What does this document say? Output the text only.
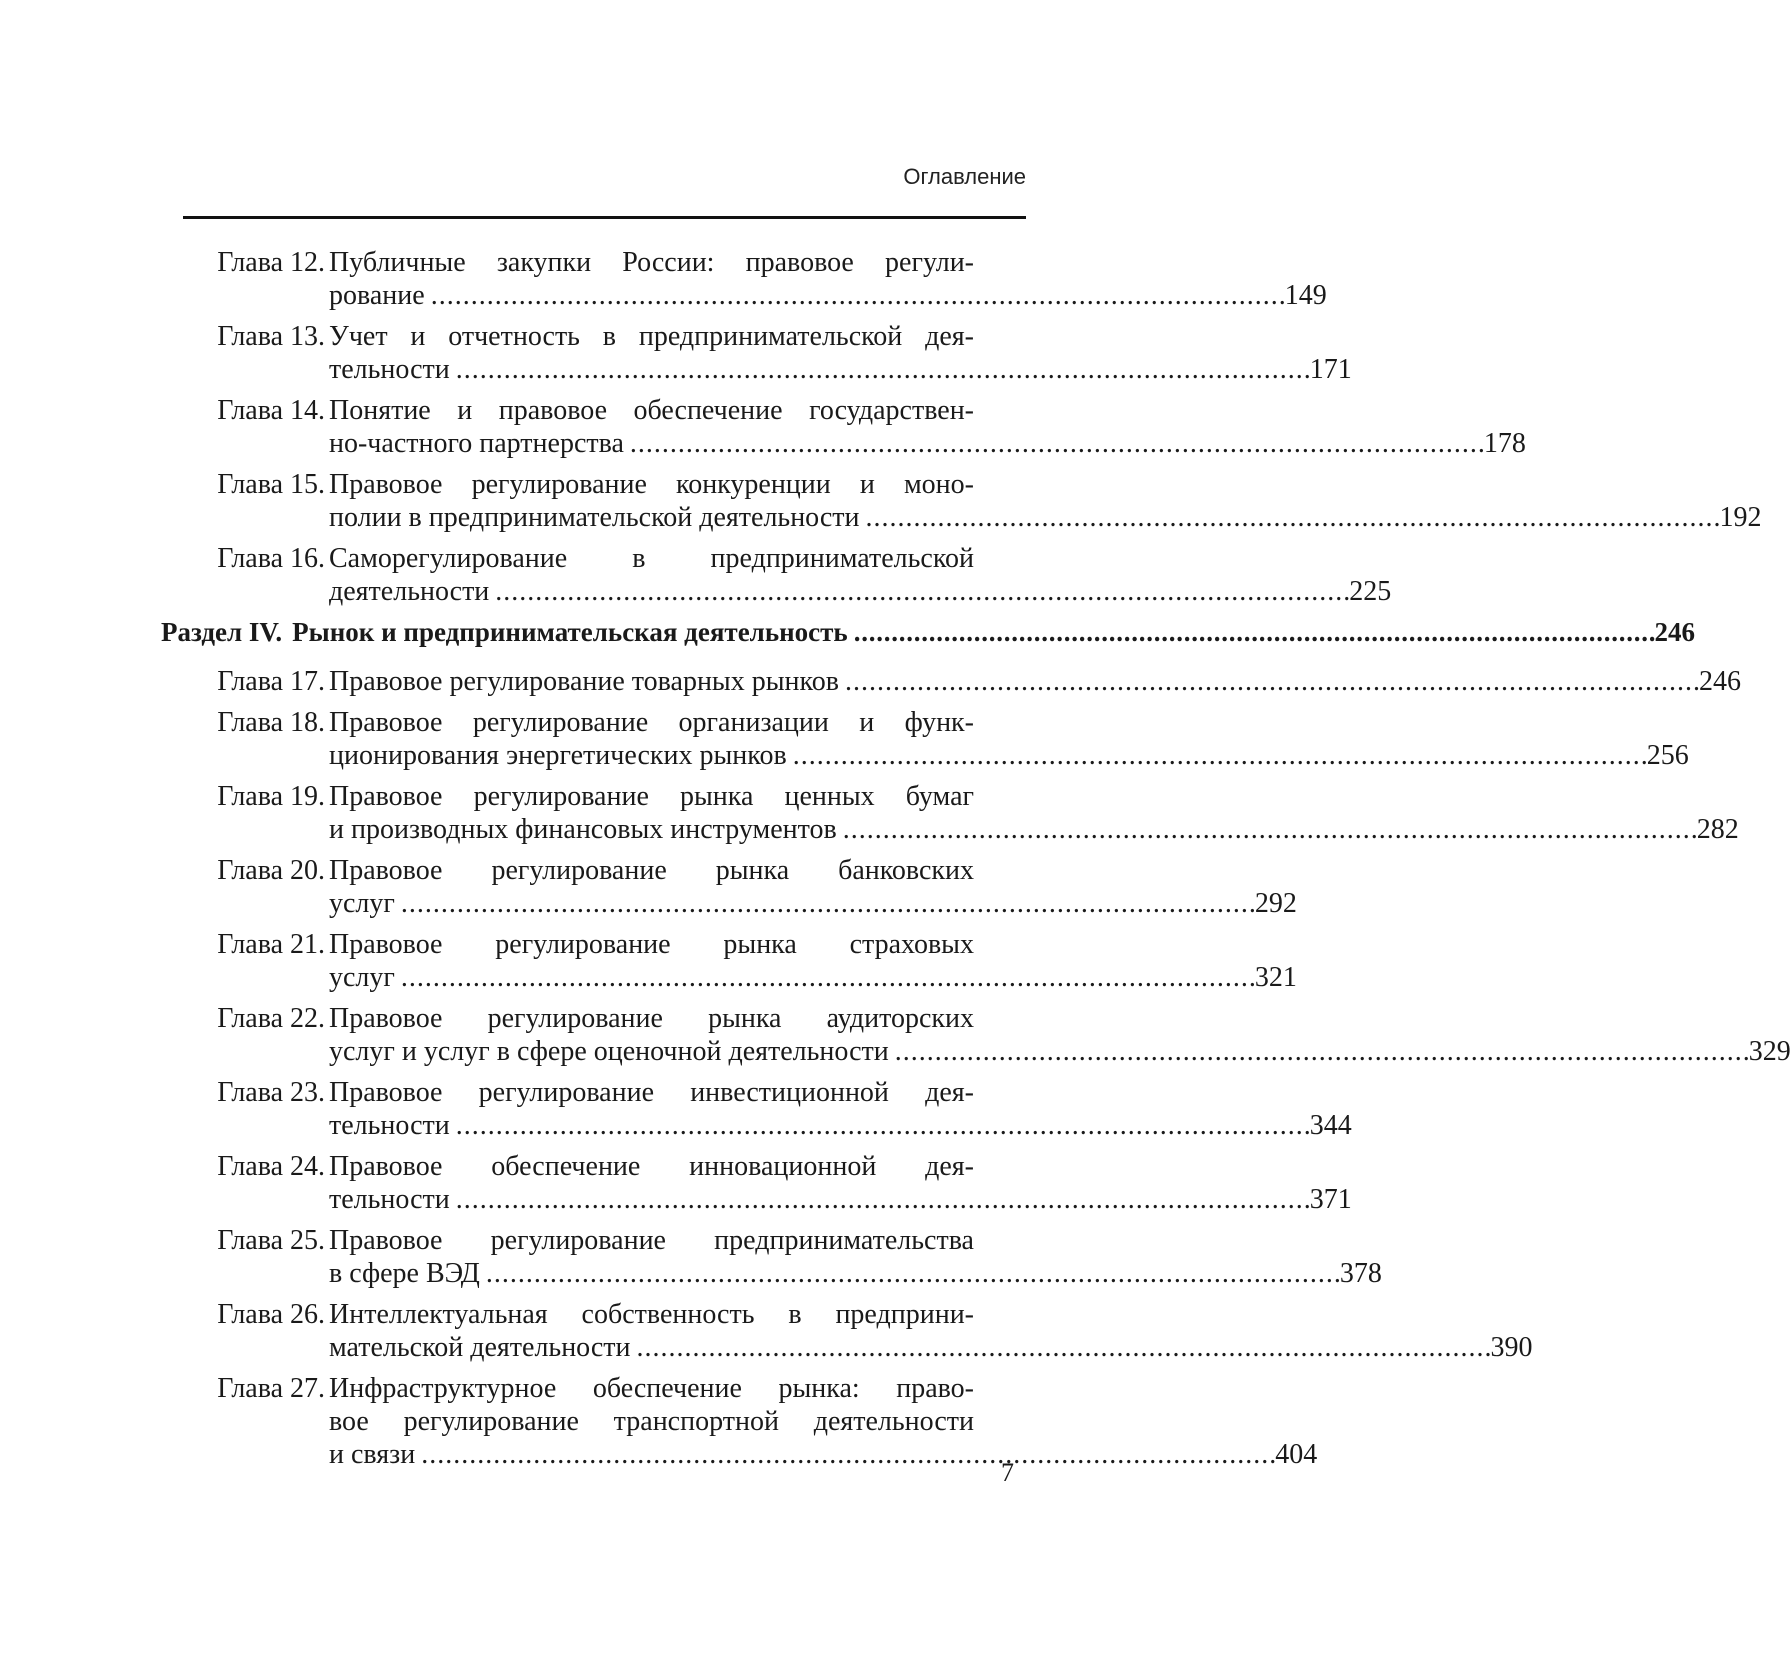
Оглавление
Глава 12. Публичные закупки России: правовое регули-
рование . . .	149
Глава 13. Учет и отчетность в предпринимательской дея-
тельности . . .	171
Глава 14. Понятие и правовое обеспечение государствен-
но-частного партнерства . . .	178
Глава 15. Правовое регулирование конкуренции и моно-
полии в предпринимательской деятельности . . .	192
Глава 16. Саморегулирование в предпринимательской
деятельности . . .	225
Раздел IV. Рынок и предпринимательская деятельность . . .	246
Глава 17. Правовое регулирование товарных рынков . . .	246
Глава 18. Правовое регулирование организации и функ-
ционирования энергетических рынков . . .	256
Глава 19. Правовое регулирование рынка ценных бумаг
и производных финансовых инструментов . . .	282
Глава 20. Правовое регулирование рынка банковских
услуг . . .	292
Глава 21. Правовое регулирование рынка страховых
услуг . . .	321
Глава 22. Правовое регулирование рынка аудиторских
услуг и услуг в сфере оценочной деятельности . . .	329
Глава 23. Правовое регулирование инвестиционной дея-
тельности . . .	344
Глава 24. Правовое обеспечение инновационной дея-
тельности . . .	371
Глава 25. Правовое регулирование предпринимательства
в сфере ВЭД . . .	378
Глава 26. Интеллектуальная собственность в предприни-
мательской деятельности . . .	390
Глава 27. Инфраструктурное обеспечение рынка: право-
вое регулирование транспортной деятельности
и связи . . .	404
7
